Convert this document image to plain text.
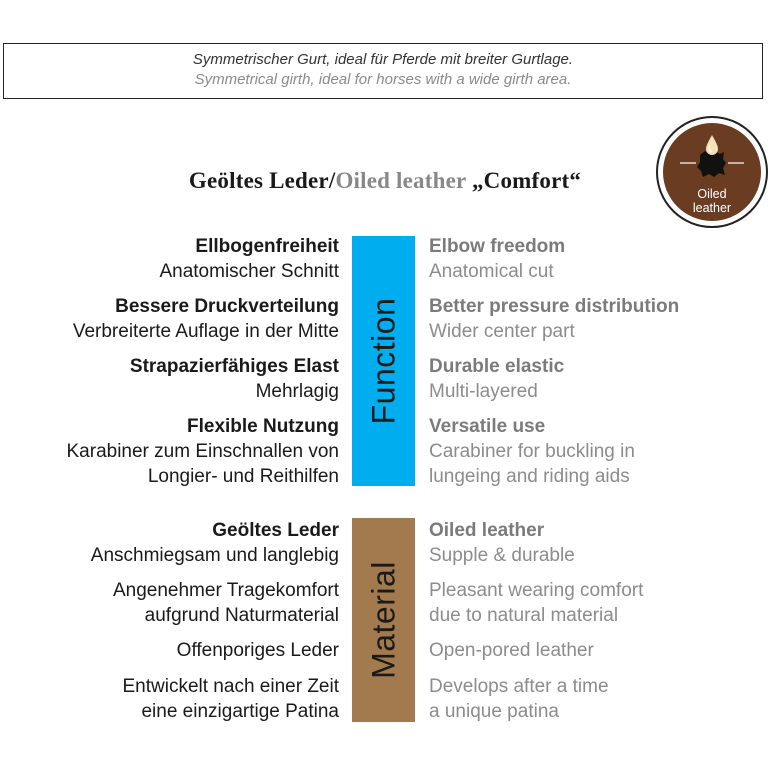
Symmetrischer Gurt, ideal für Pferde mit breiter Gurtlage.
Symmetrical girth, ideal for horses with a wide girth area.
Geöltes Leder/Oiled leather „Comfort“
Oiled
leather
Function
Material
Ellbogenfreiheit
Anatomischer Schnitt
Bessere Druckverteilung
Verbreiterte Auflage in der Mitte
Strapazierfähiges Elast
Mehrlagig
Flexible Nutzung
Karabiner zum Einschnallen von
Longier- und Reithilfen
Elbow freedom
Anatomical cut
Better pressure distribution
Wider center part
Durable elastic
Multi-layered
Versatile use
Carabiner for buckling in
lungeing and riding aids
Geöltes Leder
Anschmiegsam und langlebig
Angenehmer Tragekomfort
aufgrund Naturmaterial
Offenporiges Leder
Entwickelt nach einer Zeit
eine einzigartige Patina
Oiled leather
Supple & durable
Pleasant wearing comfort
due to natural material
Open-pored leather
Develops after a time
a unique patina
